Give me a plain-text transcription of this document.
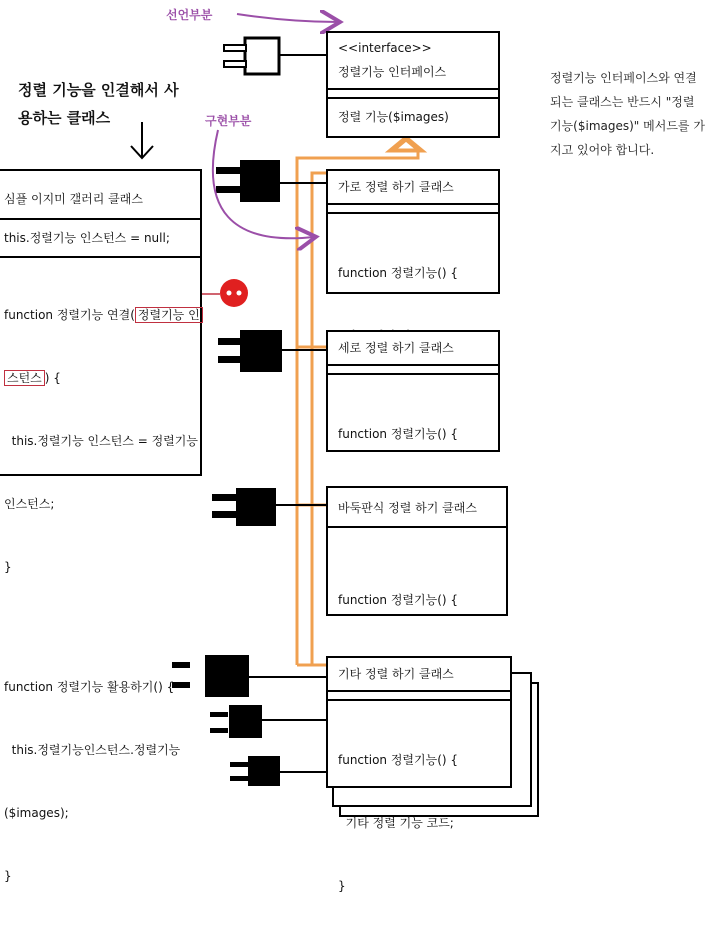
선언부분
구현부분
정렬 기능을 인결해서 사
용하는 클래스
정렬기능 인터페이스와 연결
되는 클래스는 반드시 "정렬
기능($images)" 메서드를 가
지고 있어야 합니다.
<<interface>>
정렬기능 인터페이스
정렬 기능($images)
심플 이지미 갤러리 클래스
this.정렬기능 인스턴스 = null;

function 정렬기능 연결( 정렬기능 인

스턴스 ) {

this.정렬기능 인스턴스 = 정렬기능

인스턴스;

}

function 정렬기능 활용하기() {

this.정렬기능인스턴스.정렬기능

($images);

}

가로 정렬 하기 클래스

function 정렬기능() {

세로 정렬 하기 클래스

function 정렬기능() {

바둑판식 정렬 하기 클래스

function 정렬기능() {

기타 정렬 하기 클래스

function 정렬기능() {

기타 정렬 기능 코드;

}
